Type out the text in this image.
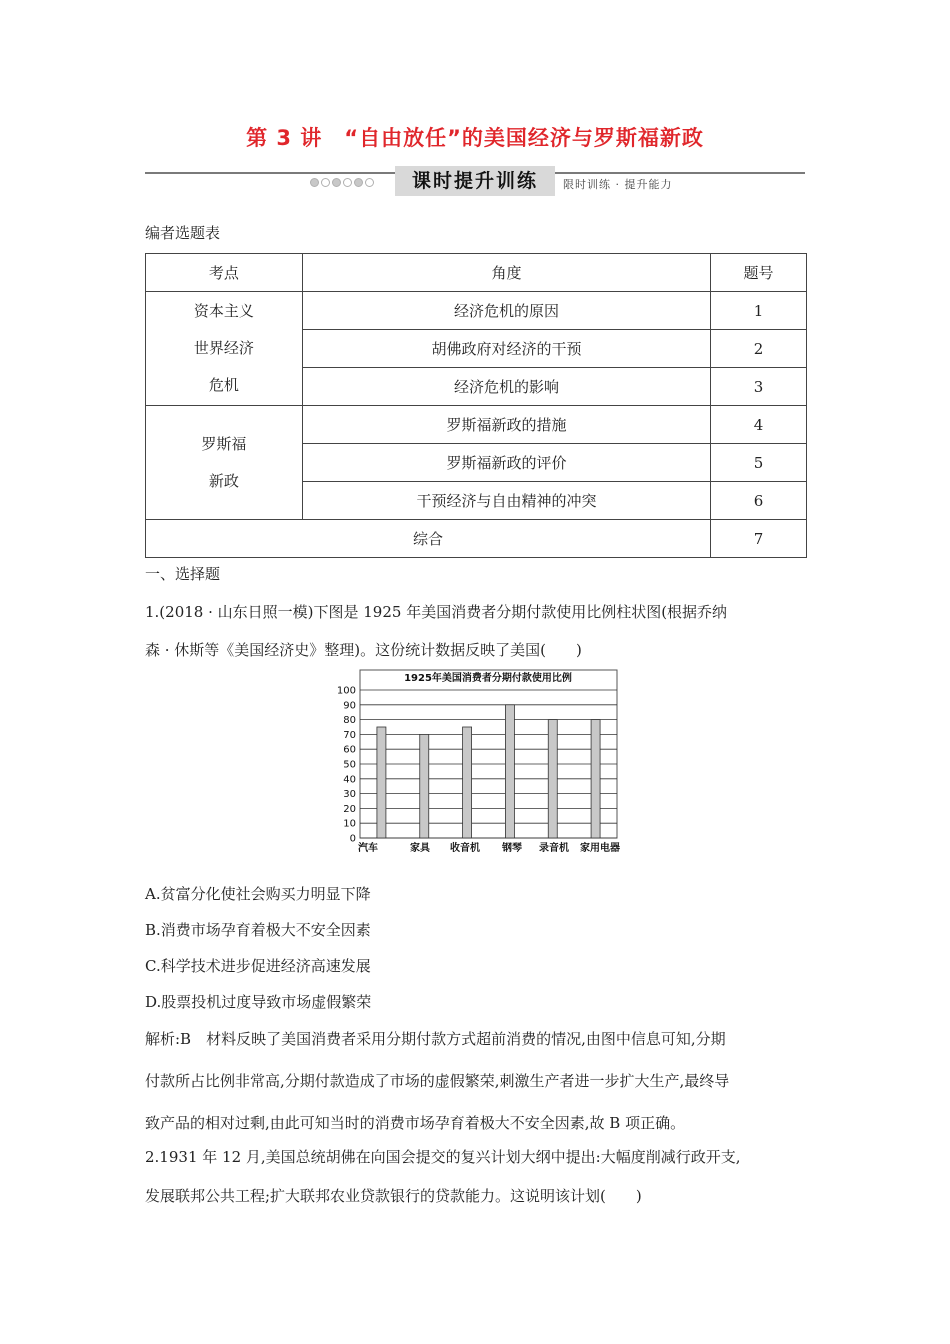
第 3 讲　“自由放任”的美国经济与罗斯福新政
课时提升训练	限时训练 · 提升能力
编者选题表
考点	角度	题号

资本主义
世界经济
危机	经济危机的原因	1
	胡佛政府对经济的干预	2
	经济危机的影响	3

罗斯福
新政	罗斯福新政的措施	4
	罗斯福新政的评价	5
	干预经济与自由精神的冲突	6
综合		7
一、选择题
1.(2018 · 山东日照一模)下图是 1925 年美国消费者分期付款使用比例柱状图(根据乔纳
森 · 休斯等《美国经济史》整理)。这份统计数据反映了美国(　　)
1925年美国消费者分期付款使用比例
0
10
20
30
40
50
60
70
80
90
100
汽车	家具 收音机 钢琴 录音机 家用电器
A.贫富分化使社会购买力明显下降
B.消费市场孕育着极大不安全因素
C.科学技术进步促进经济高速发展
D.股票投机过度导致市场虚假繁荣
解析:B　材料反映了美国消费者采用分期付款方式超前消费的情况,由图中信息可知,分期
付款所占比例非常高,分期付款造成了市场的虚假繁荣,刺激生产者进一步扩大生产,最终导
致产品的相对过剩,由此可知当时的消费市场孕育着极大不安全因素,故 B 项正确。
2.1931 年 12 月,美国总统胡佛在向国会提交的复兴计划大纲中提出:大幅度削减行政开支,
发展联邦公共工程;扩大联邦农业贷款银行的贷款能力。这说明该计划(　　)
